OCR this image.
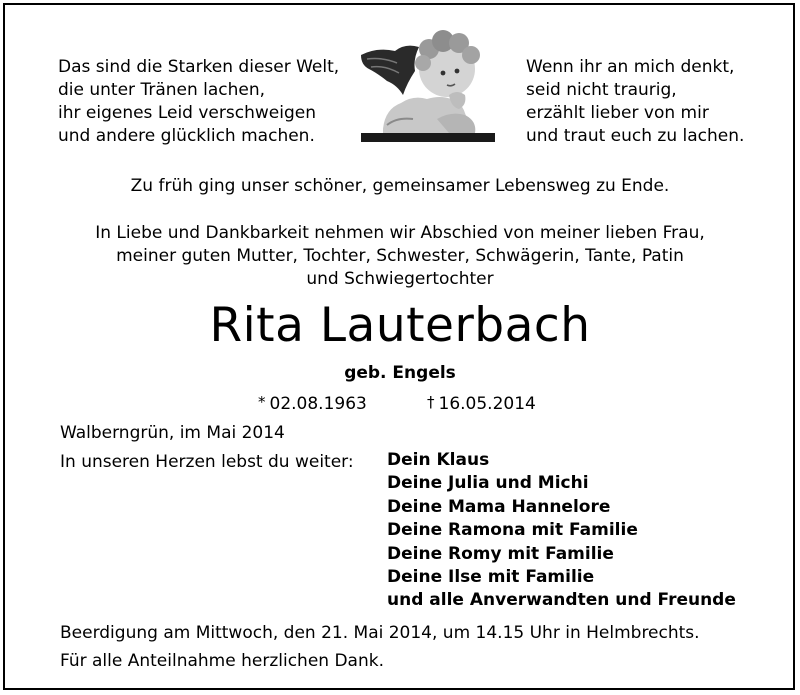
Das sind die Starken dieser Welt,
die unter Tränen lachen,
ihr eigenes Leid verschweigen
und andere glücklich machen.
Wenn ihr an mich denkt,
seid nicht traurig,
erzählt lieber von mir
und traut euch zu lachen.
Zu früh ging unser schöner, gemeinsamer Lebensweg zu Ende.
In Liebe und Dankbarkeit nehmen wir Abschied von meiner lieben Frau,
meiner guten Mutter, Tochter, Schwester, Schwägerin, Tante, Patin
und Schwiegertochter
Rita Lauterbach
geb. Engels
* 02.08.1963	† 16.05.2014
Walberngrün, im Mai 2014
In unseren Herzen lebst du weiter: Dein Klaus
Deine Julia und Michi
Deine Mama Hannelore
Deine Ramona mit Familie
Deine Romy mit Familie
Deine Ilse mit Familie
und alle Anverwandten und Freunde
Beerdigung am Mittwoch, den 21. Mai 2014, um 14.15 Uhr in Helmbrechts.
Für alle Anteilnahme herzlichen Dank.
